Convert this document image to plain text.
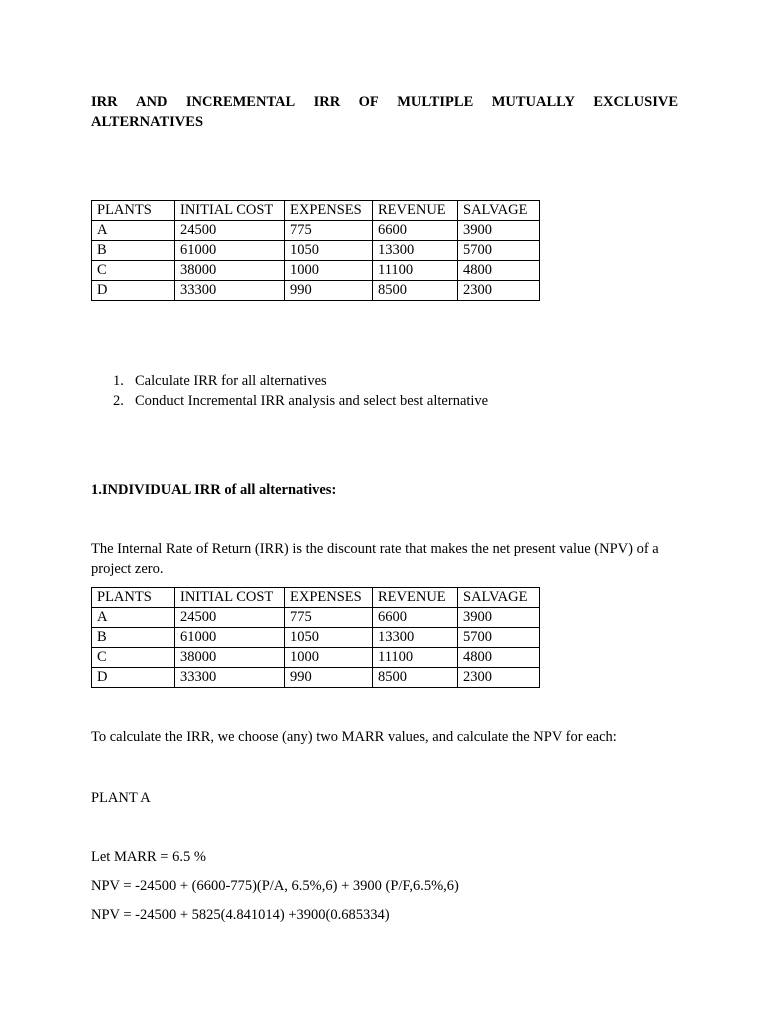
IRR AND INCREMENTAL IRR OF MULTIPLE MUTUALLY EXCLUSIVE
ALTERNATIVES
PLANTS	INITIAL COST	EXPENSES	REVENUE	SALVAGE
A	24500	775	6600	3900
B	61000	1050	13300	5700
C	38000	1000	11100	4800
D	33300	990	8500	2300
1. Calculate IRR for all alternatives
2. Conduct Incremental IRR analysis and select best alternative
1.INDIVIDUAL IRR of all alternatives:
The Internal Rate of Return (IRR) is the discount rate that makes the net present value (NPV) of a project zero.
PLANTS	INITIAL COST	EXPENSES	REVENUE	SALVAGE
A	24500	775	6600	3900
B	61000	1050	13300	5700
C	38000	1000	11100	4800
D	33300	990	8500	2300
To calculate the IRR, we choose (any) two MARR values, and calculate the NPV for each:
PLANT A
Let MARR = 6.5 %
NPV = -24500 + (6600-775)(P/A, 6.5%,6) + 3900 (P/F,6.5%,6)
NPV = -24500 + 5825(4.841014) +3900(0.685334)
